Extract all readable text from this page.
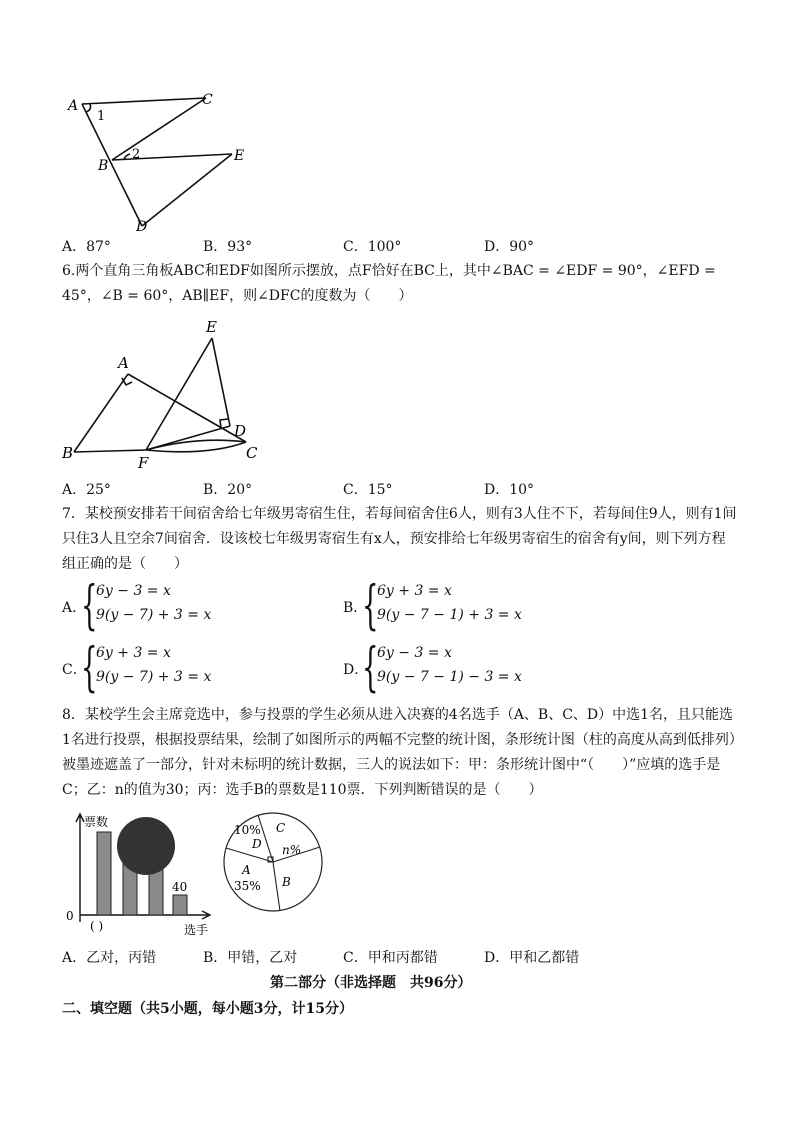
A	C
B
E
D
1
2
A．87°	B．93°	C．100°	D．90°
6.两个直角三角板ABC和EDF如图所示摆放，点F恰好在BC上，其中∠BAC = ∠EDF = 90°，∠EFD = 45°，∠B = 60°，AB∥EF，则∠DFC的度数为（　　）
E
A
D
C
B
F
A．25°	B．20°	C．15°	D．10°
7．某校预安排若干间宿舍给七年级男寄宿生住，若每间宿舍住6人，则有3人住不下，若每间住9人，则有1间只住3人且空余7间宿舍．设该校七年级男寄宿生有x人，预安排给七年级男寄宿生的宿舍有y间，则下列方程组正确的是（　　）
A．
{
6y − 3 = x
9(y − 7) + 3 = x	B．
{
6y + 3 = x
9(y − 7 − 1) + 3 = x
C．
{
6y + 3 = x
9(y − 7) + 3 = x	D．
{
6y − 3 = x
9(y − 7 − 1) − 3 = x
8．某校学生会主席竞选中，参与投票的学生必须从进入决赛的4名选手（A、B、C、D）中选1名，且只能选1名进行投票，根据投票结果，绘制了如图所示的两幅不完整的统计图，条形统计图（柱的高度从高到低排列）被墨迹遮盖了一部分，针对未标明的统计数据，三人的说法如下：甲：条形统计图中“（　　）”应填的选手是C；乙：n的值为30；丙：选手B的票数是110票．下列判断错误的是（　　）
票数
0
( )
40
选手
10%
D
C
n%
A
35% B
A．乙对，丙错	B．甲错，乙对	C．甲和丙都错	D．甲和乙都错
第二部分（非选择题　共96分）
二、填空题（共5小题，每小题3分，计15分）
